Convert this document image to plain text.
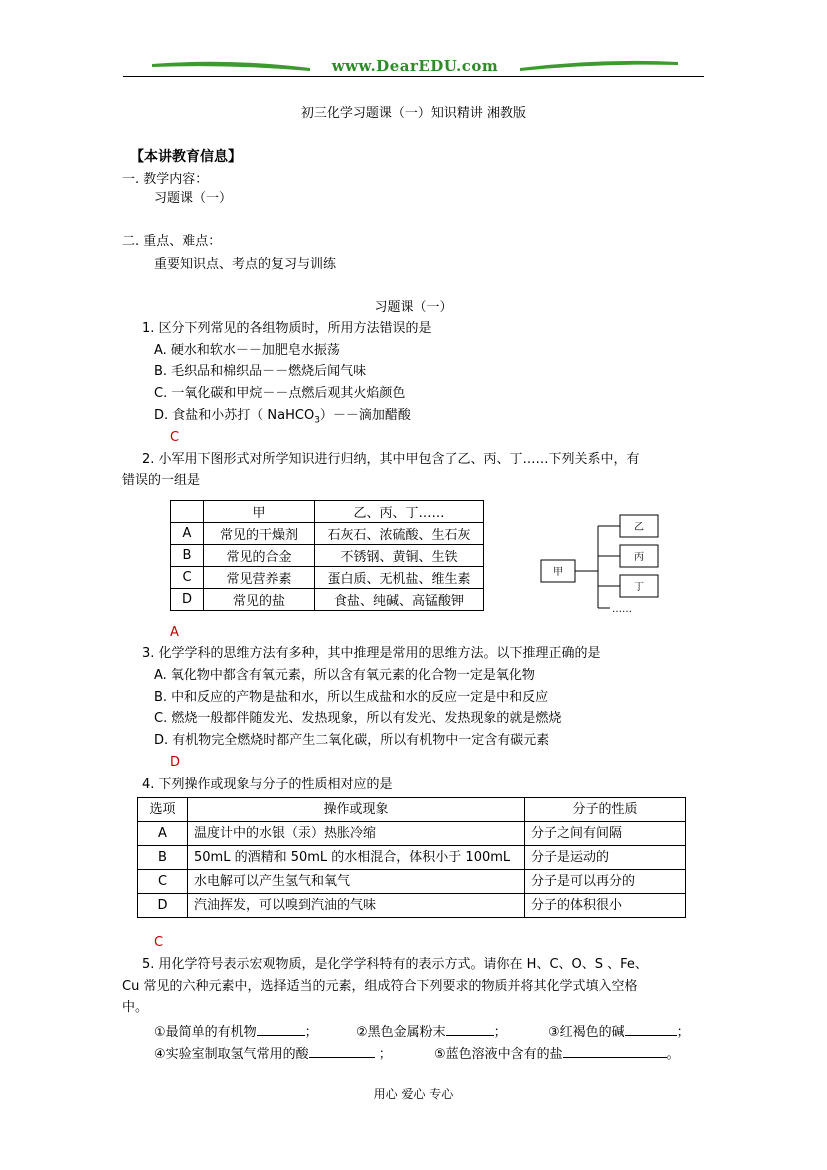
www.DearEDU.com
初三化学习题课（一）知识精讲 湘教版
【本讲教育信息】
一. 教学内容：
习题课（一）
二. 重点、难点：
重要知识点、考点的复习与训练
习题课（一）
1. 区分下列常见的各组物质时，所用方法错误的是
A. 硬水和软水－－加肥皂水振荡
B. 毛织品和棉织品－－燃烧后闻气味
C. 一氧化碳和甲烷－－点燃后观其火焰颜色
D. 食盐和小苏打（ NaHCO$_3$）－－滴加醋酸
C
2. 小军用下图形式对所学知识进行归纳，其中甲包含了乙、丙、丁……下列关系中，有
错误的一组是
	甲	乙、丙、丁……
A	常见的干燥剂	石灰石、浓硫酸、生石灰
B	常见的合金	不锈钢、黄铜、生铁
C	常见营养素	蛋白质、无机盐、维生素
D	常见的盐	食盐、纯碱、高锰酸钾
甲
乙
丙
丁
……
A
3. 化学学科的思维方法有多种，其中推理是常用的思维方法。以下推理正确的是
A. 氧化物中都含有氧元素，所以含有氧元素的化合物一定是氧化物
B. 中和反应的产物是盐和水，所以生成盐和水的反应一定是中和反应
C. 燃烧一般都伴随发光、发热现象，所以有发光、发热现象的就是燃烧
D. 有机物完全燃烧时都产生二氧化碳，所以有机物中一定含有碳元素
D
4. 下列操作或现象与分子的性质相对应的是
选项	操作或现象	分子的性质
A	温度计中的水银（汞）热胀冷缩	分子之间有间隔
B	50mL 的酒精和 50mL 的水相混合，体积小于 100mL	分子是运动的
C	水电解可以产生氢气和氧气	分子是可以再分的
D	汽油挥发，可以嗅到汽油的气味	分子的体积很小
C
5. 用化学符号表示宏观物质，是化学学科特有的表示方式。请你在 H、C、O、S 、Fe、
Cu 常见的六种元素中，选择适当的元素，组成符合下列要求的物质并将其化学式填入空格
中。
①最简单的有机物	；	②黑色金属粉末	；	③红褐色的碱	；
④实验室制取氢气常用的酸	；	⑤蓝色溶液中含有的盐	。
用心 爱心 专心
